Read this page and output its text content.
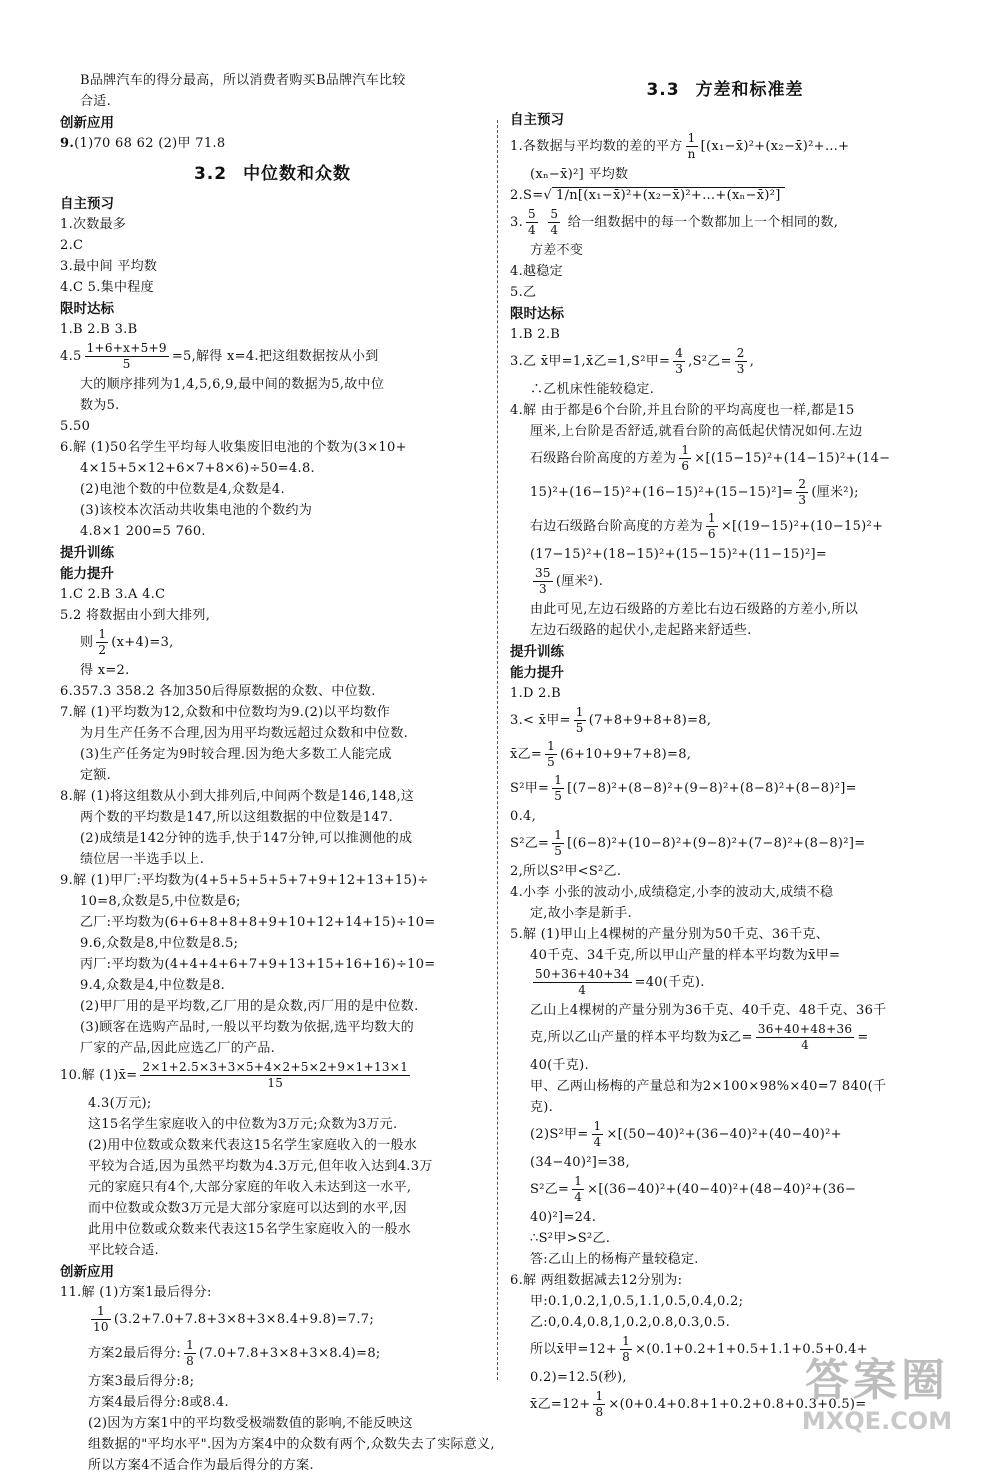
B品牌汽车的得分最高，所以消费者购买B品牌汽车比较
合适.
创新应用
9.(1)70 68 62 (2)甲 71.8
3.2 中位数和众数
自主预习
1.次数最多
2.C
3.最中间 平均数
4.C 5.集中程度
限时达标
1.B 2.B 3.B
$4.5 \frac{1+6+x+5+9}{5} =5$,解得 x=4.把这组数据按从小到
大的顺序排列为1,4,5,6,9,最中间的数据为5,故中位
数为5.
5.50
6.解 (1)50名学生平均每人收集废旧电池的个数为(3×10+
4×15+5×12+6×7+8×6)÷50=4.8.
(2)电池个数的中位数是4,众数是4.
(3)该校本次活动共收集电池的个数约为
4.8×1 200=5 760.
提升训练
能力提升
1.C 2.B 3.A 4.C
5.2 将数据由小到大排列,
则 $\frac{1}{2} (x+4)=3$,
得 x=2.
6.357.3 358.2 各加350后得原数据的众数、中位数.
7.解 (1)平均数为12,众数和中位数均为9.(2)以平均数作
为月生产任务不合理,因为用平均数远超过众数和中位数.
(3)生产任务定为9时较合理.因为绝大多数工人能完成
定额.
8.解 (1)将这组数从小到大排列后,中间两个数是146,148,这
两个数的平均数是147,所以这组数据的中位数是147.
(2)成绩是142分钟的选手,快于147分钟,可以推测他的成
绩位居一半选手以上.
9.解 (1)甲厂:平均数为(4+5+5+5+5+7+9+12+13+15)÷
10=8,众数是5,中位数是6;
乙厂:平均数为(6+6+8+8+8+9+10+12+14+15)÷10=
9.6,众数是8,中位数是8.5;
丙厂:平均数为(4+4+4+6+7+9+13+15+16+16)÷10=
9.4,众数是4,中位数是8.
(2)甲厂用的是平均数,乙厂用的是众数,丙厂用的是中位数.
(3)顾客在选购产品时,一般以平均数为依据,选平均数大的
厂家的产品,因此应选乙厂的产品.
10.解 (1)x̄= $\frac{2\times 1+2.5\times 3+3\times 5+4\times 2+5\times 2+9\times 1+13\times 1}{15}$
4.3(万元);
这15名学生家庭收入的中位数为3万元;众数为3万元.
(2)用中位数或众数来代表这15名学生家庭收入的一般水
平较为合适,因为虽然平均数为4.3万元,但年收入达到4.3万
元的家庭只有4个,大部分家庭的年收入未达到这一水平,
而中位数或众数3万元是大部分家庭可以达到的水平,因
此用中位数或众数来代表这15名学生家庭收入的一般水
平比较合适.
创新应用
11.解 (1)方案1最后得分:
$\frac{1}{10} (3.2+7.0+7.8+3\times 8+3\times 8.4+9.8)=7.7$;
方案2最后得分: $\frac{1}{8} (7.0+7.8+3\times 8+3\times 8.4)=8$;
方案3最后得分:8;
方案4最后得分:8或8.4.
(2)因为方案1中的平均数受极端数值的影响,不能反映这
组数据的"平均水平".因为方案4中的众数有两个,众数失去了实际意义,
所以方案4不适合作为最后得分的方案.
3.3 方差和标准差
自主预习
1.各数据与平均数的差的平方 $\frac{1}{n}$ [(x₁−x̄)²+(x₂−x̄)²+…+
(xₙ−x̄)²] 平均数
2.S=√ 1/n[(x₁−x̄)²+(x₂−x̄)²+…+(xₙ−x̄)²]
3. $\frac{5}{4}$
$\frac{5}{4}$ 给一组数据中的每一个数都加上一个相同的数,
方差不变
4.越稳定
5.乙
限时达标
1.B 2.B
3.乙 x̄甲=1,x̄乙=1,S²甲= $\frac{4}{3} ,S^2$乙= $\frac{2}{3}$ ,
∴乙机床性能较稳定.
4.解 由于都是6个台阶,并且台阶的平均高度也一样,都是15
厘米,上台阶是否舒适,就看台阶的高低起伏情况如何.左边
石级路台阶高度的方差为 $\frac{1}{6} \times[(15-15)^2+(14-15)^2+(14-$
$15)^2+(16-15)^2+(16-15)^2+(15-15)^2]= \frac{2}{3}$ (厘米²);
右边石级路台阶高度的方差为 $\frac{1}{6} \times[(19-15)^2+(10-15)^2+$
(17−15)²+(18−15)²+(15−15)²+(11−15)²]=
$\frac{35}{3}$ (厘米²).
由此可见,左边石级路的方差比右边石级路的方差小,所以
左边石级路的起伏小,走起路来舒适些.
提升训练
能力提升
1.D 2.B
3.< x̄甲= $\frac{1}{5} (7+8+9+8+8)=8$,
x̄乙= $\frac{1}{5} (6+10+9+7+8)=8$,
S²甲= $\frac{1}{5} [(7-8)^2+(8-8)^2+(9-8)^2+(8-8)^2+(8-8)^2]=$
0.4,
S²乙= $\frac{1}{5} [(6-8)^2+(10-8)^2+(9-8)^2+(7-8)^2+(8-8)^2]=$
2,所以S²甲<S²乙.
4.小李 小张的波动小,成绩稳定,小李的波动大,成绩不稳
定,故小李是新手.
5.解 (1)甲山上4棵树的产量分别为50千克、36千克、
40千克、34千克,所以甲山产量的样本平均数为x̄甲=
$\frac{50+36+40+34}{4} =40$(千克).
乙山上4棵树的产量分别为36千克、40千克、48千克、36千
克,所以乙山产量的样本平均数为x̄乙= $\frac{36+40+48+36}{4}$ =
40(千克).
甲、乙两山杨梅的产量总和为2×100×98%×40=7 840(千
克).
(2)S²甲= $\frac{1}{4} \times[(50-40)^2+(36-40)^2+(40-40)^2+$
(34−40)²]=38,
S²乙= $\frac{1}{4} \times[(36-40)^2+(40-40)^2+(48-40)^2+(36-$
40)²]=24.
∴S²甲>S²乙.
答:乙山上的杨梅产量较稳定.
6.解 两组数据减去12分别为:
甲:0.1,0.2,1,0.5,1.1,0.5,0.4,0.2;
乙:0,0.4,0.8,1,0.2,0.8,0.3,0.5.
所以x̄甲$=12+ \frac{1}{8} \times(0.1+0.2+1+0.5+1.1+0.5+0.4+$
0.2)=12.5(秒),
x̄乙$=12+ \frac{1}{8} \times(0+0.4+0.8+1+0.2+0.8+0.3+0.5)=$
答案圈
MXQE.COM
